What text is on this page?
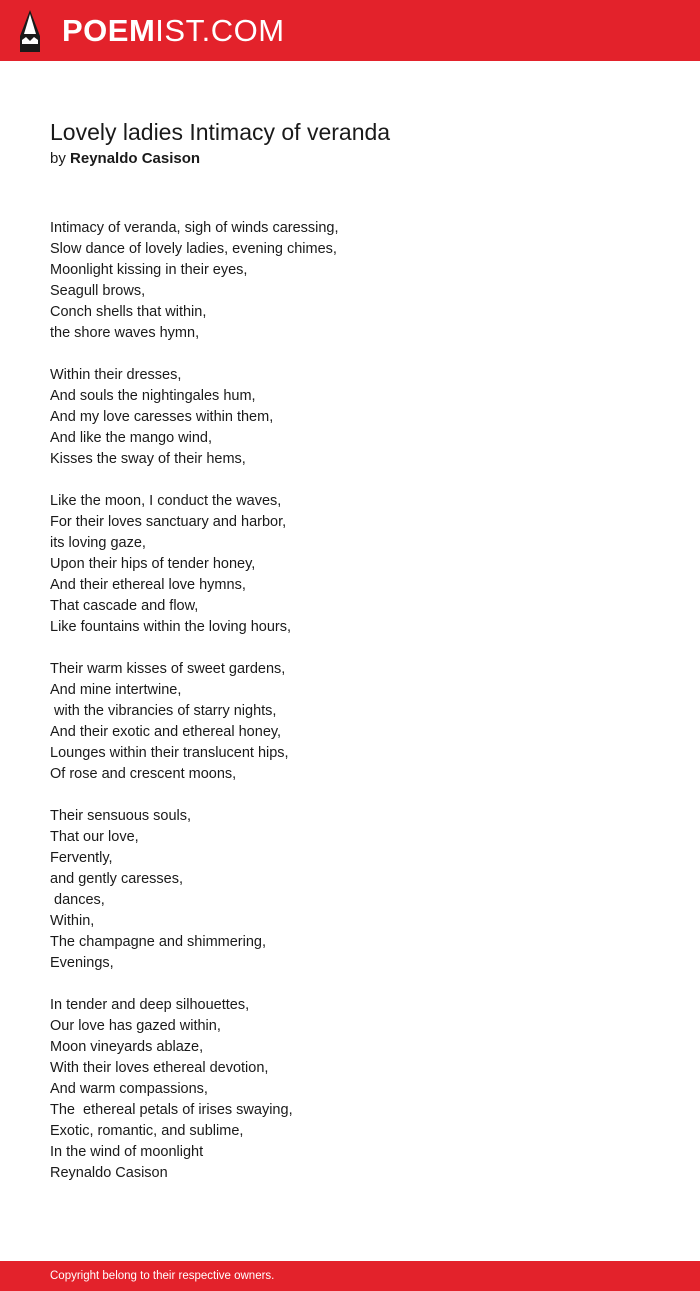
POEMIST.COM
Lovely ladies Intimacy of veranda
by Reynaldo Casison
Intimacy of veranda, sigh of winds caressing,
Slow dance of lovely ladies, evening chimes,
Moonlight kissing in their eyes,
Seagull brows,
Conch shells that within,
the shore waves hymn,
Within their dresses,
And souls the nightingales hum,
And my love caresses within them,
And like the mango wind,
Kisses the sway of their hems,
Like the moon, I conduct the waves,
For their loves sanctuary and harbor,
its loving gaze,
Upon their hips of tender honey,
And their ethereal love hymns,
That cascade and flow,
Like fountains within the loving hours,
Their warm kisses of sweet gardens,
And mine intertwine,
with the vibrancies of starry nights,
And their exotic and ethereal honey,
Lounges within their translucent hips,
Of rose and crescent moons,
Their sensuous souls,
That our love,
Fervently,
and gently caresses,
dances,
Within,
The champagne and shimmering,
Evenings,
In tender and deep silhouettes,
Our love has gazed within,
Moon vineyards ablaze,
With their loves ethereal devotion,
And warm compassions,
The  ethereal petals of irises swaying,
Exotic, romantic, and sublime,
In the wind of moonlight
Reynaldo Casison
Copyright belong to their respective owners.
